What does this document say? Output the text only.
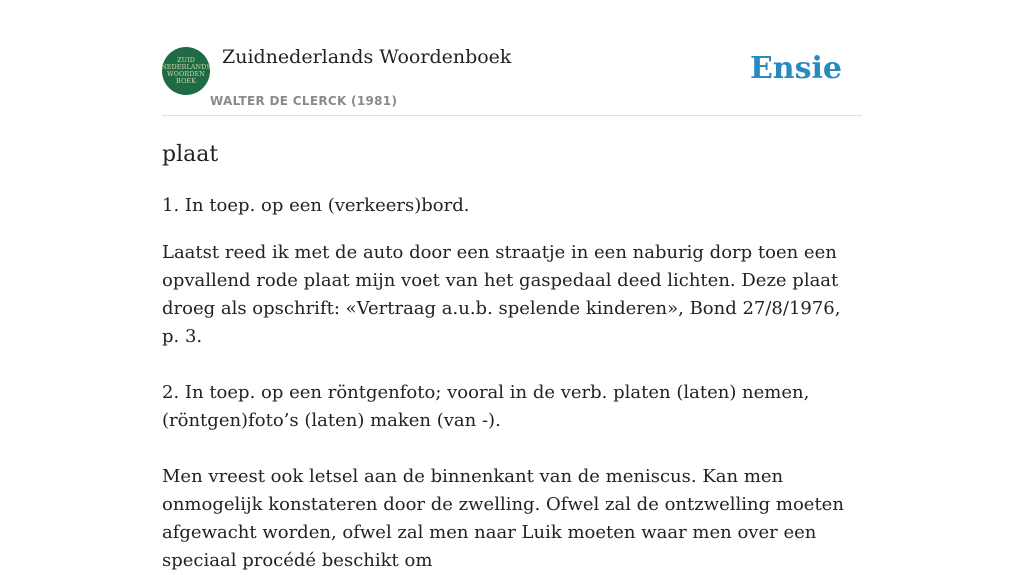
ZUID
NEDERLANDS
WOORDEN
BOEK
Zuidnederlands Woordenboek
WALTER DE CLERCK (1981)
Ensie
plaat

1. In toep. op een (verkeers)bord.

Laatst reed ik met de auto door een straatje in een naburig dorp toen een opvallend rode plaat mijn voet van het gaspedaal deed lichten. Deze plaat droeg als opschrift: «Vertraag a.u.b. spelende kinderen», Bond 27/8/1976, p. 3.

2. In toep. op een röntgenfoto; vooral in de verb. platen (laten) nemen, (röntgen)foto’s (laten) maken (van -).

Men vreest ook letsel aan de binnenkant van de meniscus. Kan men onmogelijk konstateren door de zwelling. Ofwel zal de ontzwelling moeten afgewacht worden, ofwel zal men naar Luik moeten waar men over een speciaal procédé beschikt om
